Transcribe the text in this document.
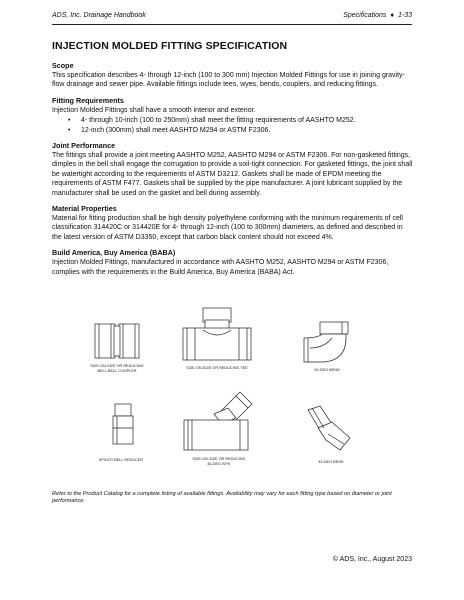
ADS, Inc. Drainage Handbook	Specifications ♦ 1-33
INJECTION MOLDED FITTING SPECIFICATION
Scope

This specification describes 4- through 12-inch (100 to 300 mm) Injection Molded Fittings for use in joining gravity-flow drainage and sewer pipe. Available fittings include tees, wyes, bends, couplers, and reducing fittings.

Fitting Requirements

Injection Molded Fittings shall have a smooth interior and exterior.

• 4- through 10-inch (100 to 250mm) shall meet the fitting requirements of AASHTO M252.
• 12-inch (300mm) shall meet AASHTO M294 or ASTM F2306.
Joint Performance

The fittings shall provide a joint meeting AASHTO M252, AASHTO M294 or ASTM F2306. For non-gasketed fittings, dimples in the bell shall engage the corrugation to provide a soil-tight connection. For gasketed fittings, the joint shall be watertight according to the requirements of ASTM D3212. Gaskets shall be made of EPDM meeting the requirements of ASTM F477. Gaskets shall be supplied by the pipe manufacturer. A joint lubricant supplied by the manufacturer shall be used on the gasket and bell during assembly.

Material Properties

Material for fitting production shall be high density polyethylene conforming with the minimum requirements of cell classification 314420C or 314420E for 4- through 12-inch (100 to 300mm) diameters, as defined and described in the latest version of ASTM D3350, except that carbon black content should not exceed 4%.

Build America, Buy America (BABA)

Injection Molded Fittings, manufactured in accordance with AASHTO M252, AASHTO M294 or ASTM F2306, complies with the requirements in the Build America, Buy America (BABA) Act.

SIZE-ON-SIZE OR REDUCING
BELL-BELL COUPLER
SIZE-ON-SIZE OR REDUCING TEE	90-DEG BEND
SPIGOT-BELL REDUCER	SIZE-ON-SIZE OR REDUCING
45-DEG WYE	45-DEG BEND
Refer to the Product Catalog for a complete listing of available fittings. Availability may vary for each fitting type based on diameter or joint performance.
© ADS, Inc., August 2023
